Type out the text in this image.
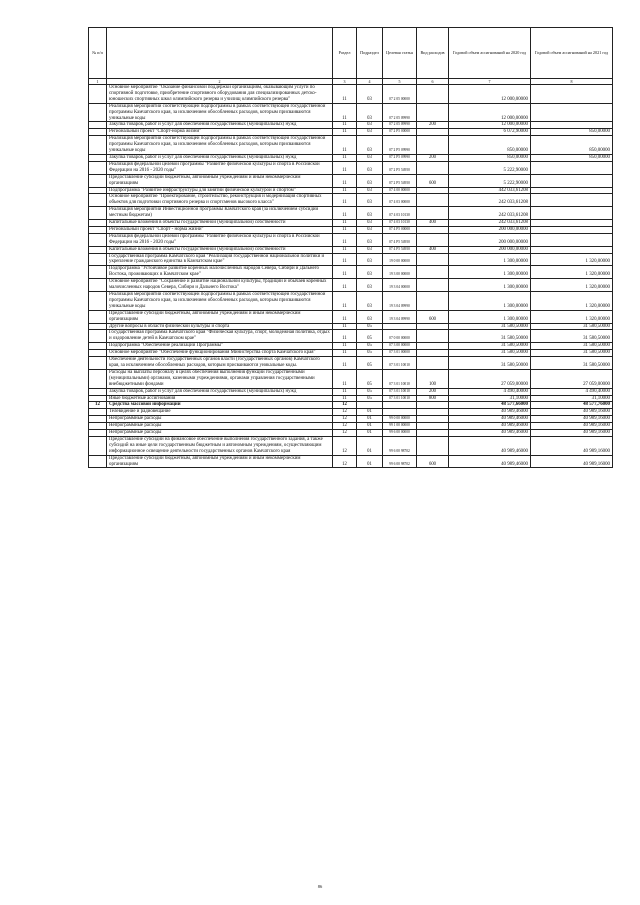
№ п/п		Раздел	Подраздел	Целевая статья	Вид расходов	Годовой объем ассигнований на 2020 год	Годовой объем ассигнований на 2021 год
1	2	3	4	5	6	7	8
	Основное мероприятие "Оказание финансовой поддержки организациям, оказывающим услуги по спортивной подготовке, приобретение спортивного оборудования для специализированных детско-юношеских спортивных школ олимпийского резерва и училищ олимпийского резерва"	11	03	07 2 05 00000		12 000,00000	
	Реализация мероприятий соответствующей подпрограммы в рамках соответствующей государственной программы Камчатского края, за исключением обособленных расходов, которым присваиваются уникальные коды	11	03	07 2 05 09990		12 000,00000	
	Закупка товаров, работ и услуг для обеспечения государственных (муниципальных) нужд	11	03	07 2 05 09990	200	12 000,00000	
	Региональный проект "Спорт-норма жизни"	11	03	07 2 P5 00000		6 072,90000	850,00000
	Реализация мероприятий соответствующей подпрограммы в рамках соответствующей государственной программы Камчатского края, за исключением обособленных расходов, которым присваиваются уникальные коды	11	03	07 2 P5 09990		850,00000	850,00000
	Закупка товаров, работ и услуг для обеспечения государственных (муниципальных) нужд	11	03	07 2 P5 09990	200	850,00000	850,00000
	Реализация федеральной целевой программы "Развитие физической культуры и спорта в Российской Федерации на 2016 - 2020 годы"	11	03	07 2 P5 54950		5 222,90000	
	Предоставление субсидий бюджетным, автономным учреждениям и иным некоммерческим организациям	11	03	07 2 P5 54950	600	5 222,90000	
	Подпрограмма "Развитие инфраструктуры для занятий физической культурой и спортом"	11	03	07 4 00 00000		442 033,61208	
	Основное мероприятие "Проектирование, строительство, реконструкция и модернизация спортивных объектов для подготовки спортивного резерва и спортсменов высокого класса"	11	03	07 4 03 00000		242 033,61208	
	Реализация мероприятий Инвестиционной программы Камчатского края (за исключением субсидий местным бюджетам)	11	03	07 4 03 10130		242 033,61208	
	Капитальные вложения в объекты государственной (муниципальной) собственности	11	03	07 4 03 10130	400	242 033,61208	
	Региональный проект "Спорт - норма жизни"	11	03	07 4 P5 00000		200 000,00000	
	Реализация федеральной целевой программы "Развитие физической культуры и спорта в Российской Федерации на 2016 - 2020 годы"	11	03	07 4 P5 54950		200 000,00000	
	Капитальные вложения в объекты государственной (муниципальной) собственности	11	03	07 4 P5 54950	400	200 000,00000	
	Государственная программа Камчатского края "Реализация государственной национальной политики и укрепление гражданского единства в Камчатском крае"	11	03	19 0 00 00000		1 300,00000	1 320,00000
	Подпрограмма "Устойчивое развитие коренных малочисленных народов Севера, Сибири и Дальнего Востока, проживающих в Камчатском крае"	11	03	19 3 00 00000		1 300,00000	1 320,00000
	Основное мероприятие "Сохранение и развитие национальной культуры, традиций и обычаев коренных малочисленных народов Севера, Сибири и Дальнего Востока"	11	03	19 3 04 00000		1 300,00000	1 320,00000
	Реализация мероприятий соответствующей подпрограммы в рамках соответствующей государственной программы Камчатского края, за исключением обособленных расходов, которым присваиваются уникальные коды	11	03	19 3 04 09990		1 300,00000	1 320,00000
	Предоставление субсидий бюджетным, автономным учреждениям и иным некоммерческим организациям	11	03	19 3 04 09990	600	1 300,00000	1 320,00000
	Другие вопросы в области физической культуры и спорта	11	05			31 580,50000	31 580,50000
	Государственная программа Камчатского края "Физическая культура, спорт, молодежная политика, отдых и оздоровление детей в Камчатском крае"	11	05	07 0 00 00000		31 580,50000	31 580,50000
	Подпрограмма "Обеспечение реализации Программы"	11	05	07 3 00 00000		31 580,50000	31 580,50000
	Основное мероприятие "Обеспечение функционирования Министерства спорта Камчатского края"	11	05	07 3 01 00000		31 580,50000	31 580,50000
	Обеспечение деятельности государственных органов власти (государственных органов) Камчатского края, за исключением обособленных расходов, которым присваиваются уникальные коды.	11	05	07 3 01 10010		31 580,50000	31 580,50000
	Расходы на выплаты персоналу в целях обеспечения выполнения функций государственными (муниципальными) органами, казенными учреждениями, органами управления государственными внебюджетными фондами	11	05	07 3 01 10010	100	27 059,00000	27 059,00000
	Закупка товаров, работ и услуг для обеспечения государственных (муниципальных) нужд	11	05	07 3 01 10010	200	4 490,40000	4 490,40000
	Иные бюджетные ассигнования	11	05	07 3 01 10010	800	31,10000	31,10000
12	Средства массовой информации	12				48 577,66000	48 577,76000
	Телевидение и радиовещание	12	01			40 989,46000	40 989,16000
	Непрограммные расходы	12	01	99 0 00 00000		40 989,46000	40 989,16000
	Непрограммные расходы	12	01	99 1 00 00000		40 989,46000	40 989,16000
	Непрограммные расходы	12	01	99 6 00 00000		40 989,46000	40 989,16000
	Предоставление субсидий на финансовое обеспечение выполнения государственного задания, а также субсидий на иные цели государственным бюджетным и автономным учреждениям, осуществляющим информационное освещение деятельности государственных органов Камчатского края	12	01	99 6 00 98702		40 989,46000	40 989,16000
	Предоставление субсидий бюджетным, автономным учреждениям и иным некоммерческим организациям	12	01	99 6 00 98702	600	40 989,46000	40 989,16000
86
